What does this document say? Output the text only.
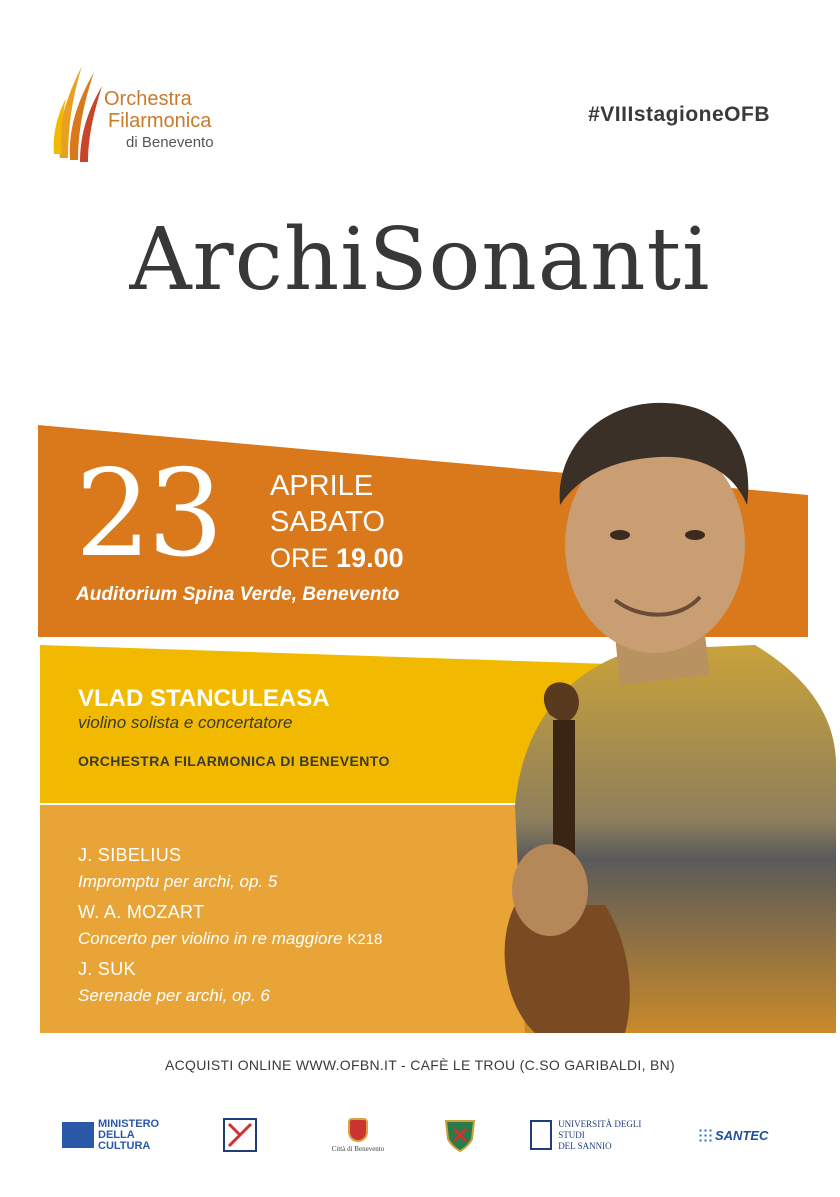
Orchestra
Filarmonica
di Benevento
#VIIIstagioneOFB
ArchiSonanti
23 APRILE
SABATO
ORE 19.00
Auditorium Spina Verde, Benevento
VLAD STANCULEASA
violino solista e concertatore
ORCHESTRA FILARMONICA DI BENEVENTO
J. SIBELIUS
Impromptu per archi, op. 5
W. A. MOZART
Concerto per violino in re maggiore K218
J. SUK
Serenade per archi, op. 6
ACQUISTI ONLINE WWW.OFBN.IT - CAFÈ LE TROU (C.SO GARIBALDI, BN)
MINISTERO
DELLA
CULTURA	Città di Benevento
UNIVERSITÀ DEGLI STUDI
DEL SANNIO
SANTEC
